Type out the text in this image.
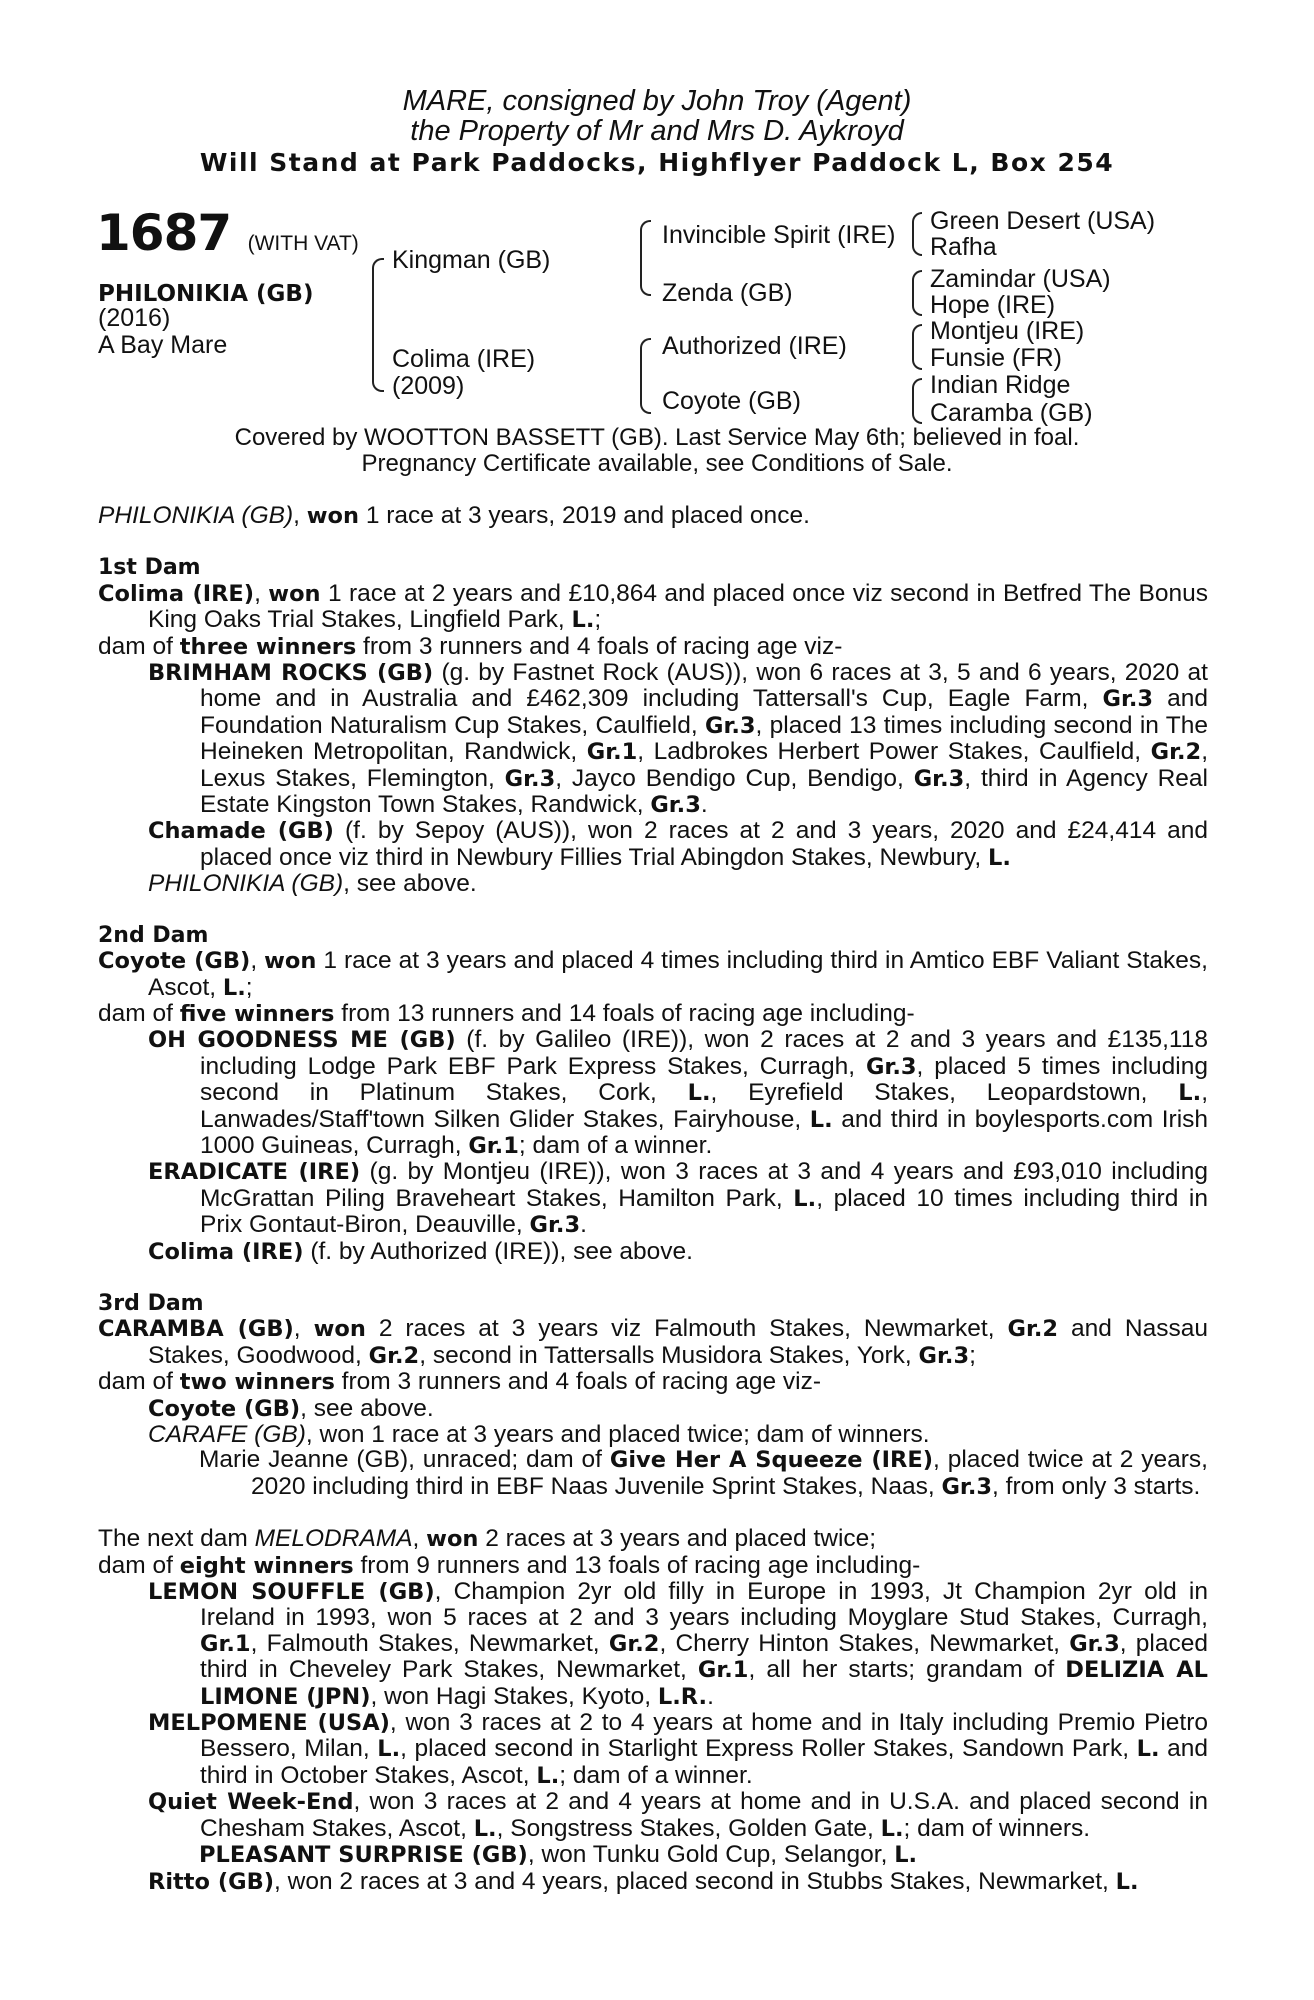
MARE, consigned by John Troy (Agent)
the Property of Mr and Mrs D. Aykroyd
Will Stand at Park Paddocks, Highflyer Paddock L, Box 254
1687 (WITH VAT)
PHILONIKIA (GB)
(2016)
A Bay Mare
Kingman (GB)
Colima (IRE)
(2009)
Invincible Spirit (IRE)
Zenda (GB)
Authorized (IRE)
Coyote (GB)
Green Desert (USA)
Rafha
Zamindar (USA)
Hope (IRE)
Montjeu (IRE)
Funsie (FR)
Indian Ridge
Caramba (GB)
Covered by WOOTTON BASSETT (GB). Last Service May 6th; believed in foal.
Pregnancy Certificate available, see Conditions of Sale.

PHILONIKIA (GB), won 1 race at 3 years, 2019 and placed once.

1st Dam

Colima (IRE), won 1 race at 2 years and £10,864 and placed once viz second in Betfred The Bonus King Oaks Trial Stakes, Lingfield Park, L.;

dam of three winners from 3 runners and 4 foals of racing age viz-

BRIMHAM ROCKS (GB) (g. by Fastnet Rock (AUS)), won 6 races at 3, 5 and 6 years, 2020 at home and in Australia and £462,309 including Tattersall's Cup, Eagle Farm, Gr.3 and Foundation Naturalism Cup Stakes, Caulfield, Gr.3, placed 13 times including second in The Heineken Metropolitan, Randwick, Gr.1, Ladbrokes Herbert Power Stakes, Caulfield, Gr.2, Lexus Stakes, Flemington, Gr.3, Jayco Bendigo Cup, Bendigo, Gr.3, third in Agency Real Estate Kingston Town Stakes, Randwick, Gr.3.

Chamade (GB) (f. by Sepoy (AUS)), won 2 races at 2 and 3 years, 2020 and £24,414 and placed once viz third in Newbury Fillies Trial Abingdon Stakes, Newbury, L.

PHILONIKIA (GB), see above.

2nd Dam

Coyote (GB), won 1 race at 3 years and placed 4 times including third in Amtico EBF Valiant Stakes, Ascot, L.;

dam of five winners from 13 runners and 14 foals of racing age including-

OH GOODNESS ME (GB) (f. by Galileo (IRE)), won 2 races at 2 and 3 years and £135,118 including Lodge Park EBF Park Express Stakes, Curragh, Gr.3, placed 5 times including second in Platinum Stakes, Cork, L., Eyrefield Stakes, Leopardstown, L., Lanwades/Staff'town Silken Glider Stakes, Fairyhouse, L. and third in boylesports.com Irish 1000 Guineas, Curragh, Gr.1; dam of a winner.

ERADICATE (IRE) (g. by Montjeu (IRE)), won 3 races at 3 and 4 years and £93,010 including McGrattan Piling Braveheart Stakes, Hamilton Park, L., placed 10 times including third in Prix Gontaut-Biron, Deauville, Gr.3.

Colima (IRE) (f. by Authorized (IRE)), see above.

3rd Dam

CARAMBA (GB), won 2 races at 3 years viz Falmouth Stakes, Newmarket, Gr.2 and Nassau Stakes, Goodwood, Gr.2, second in Tattersalls Musidora Stakes, York, Gr.3;

dam of two winners from 3 runners and 4 foals of racing age viz-

Coyote (GB), see above.

CARAFE (GB), won 1 race at 3 years and placed twice; dam of winners.

Marie Jeanne (GB), unraced; dam of Give Her A Squeeze (IRE), placed twice at 2 years, 2020 including third in EBF Naas Juvenile Sprint Stakes, Naas, Gr.3, from only 3 starts.

The next dam MELODRAMA, won 2 races at 3 years and placed twice;

dam of eight winners from 9 runners and 13 foals of racing age including-

LEMON SOUFFLE (GB), Champion 2yr old filly in Europe in 1993, Jt Champion 2yr old in Ireland in 1993, won 5 races at 2 and 3 years including Moyglare Stud Stakes, Curragh, Gr.1, Falmouth Stakes, Newmarket, Gr.2, Cherry Hinton Stakes, Newmarket, Gr.3, placed third in Cheveley Park Stakes, Newmarket, Gr.1, all her starts; grandam of DELIZIA AL LIMONE (JPN), won Hagi Stakes, Kyoto, L.R..

MELPOMENE (USA), won 3 races at 2 to 4 years at home and in Italy including Premio Pietro Bessero, Milan, L., placed second in Starlight Express Roller Stakes, Sandown Park, L. and third in October Stakes, Ascot, L.; dam of a winner.

Quiet Week-End, won 3 races at 2 and 4 years at home and in U.S.A. and placed second in Chesham Stakes, Ascot, L., Songstress Stakes, Golden Gate, L.; dam of winners.

PLEASANT SURPRISE (GB), won Tunku Gold Cup, Selangor, L.

Ritto (GB), won 2 races at 3 and 4 years, placed second in Stubbs Stakes, Newmarket, L.
